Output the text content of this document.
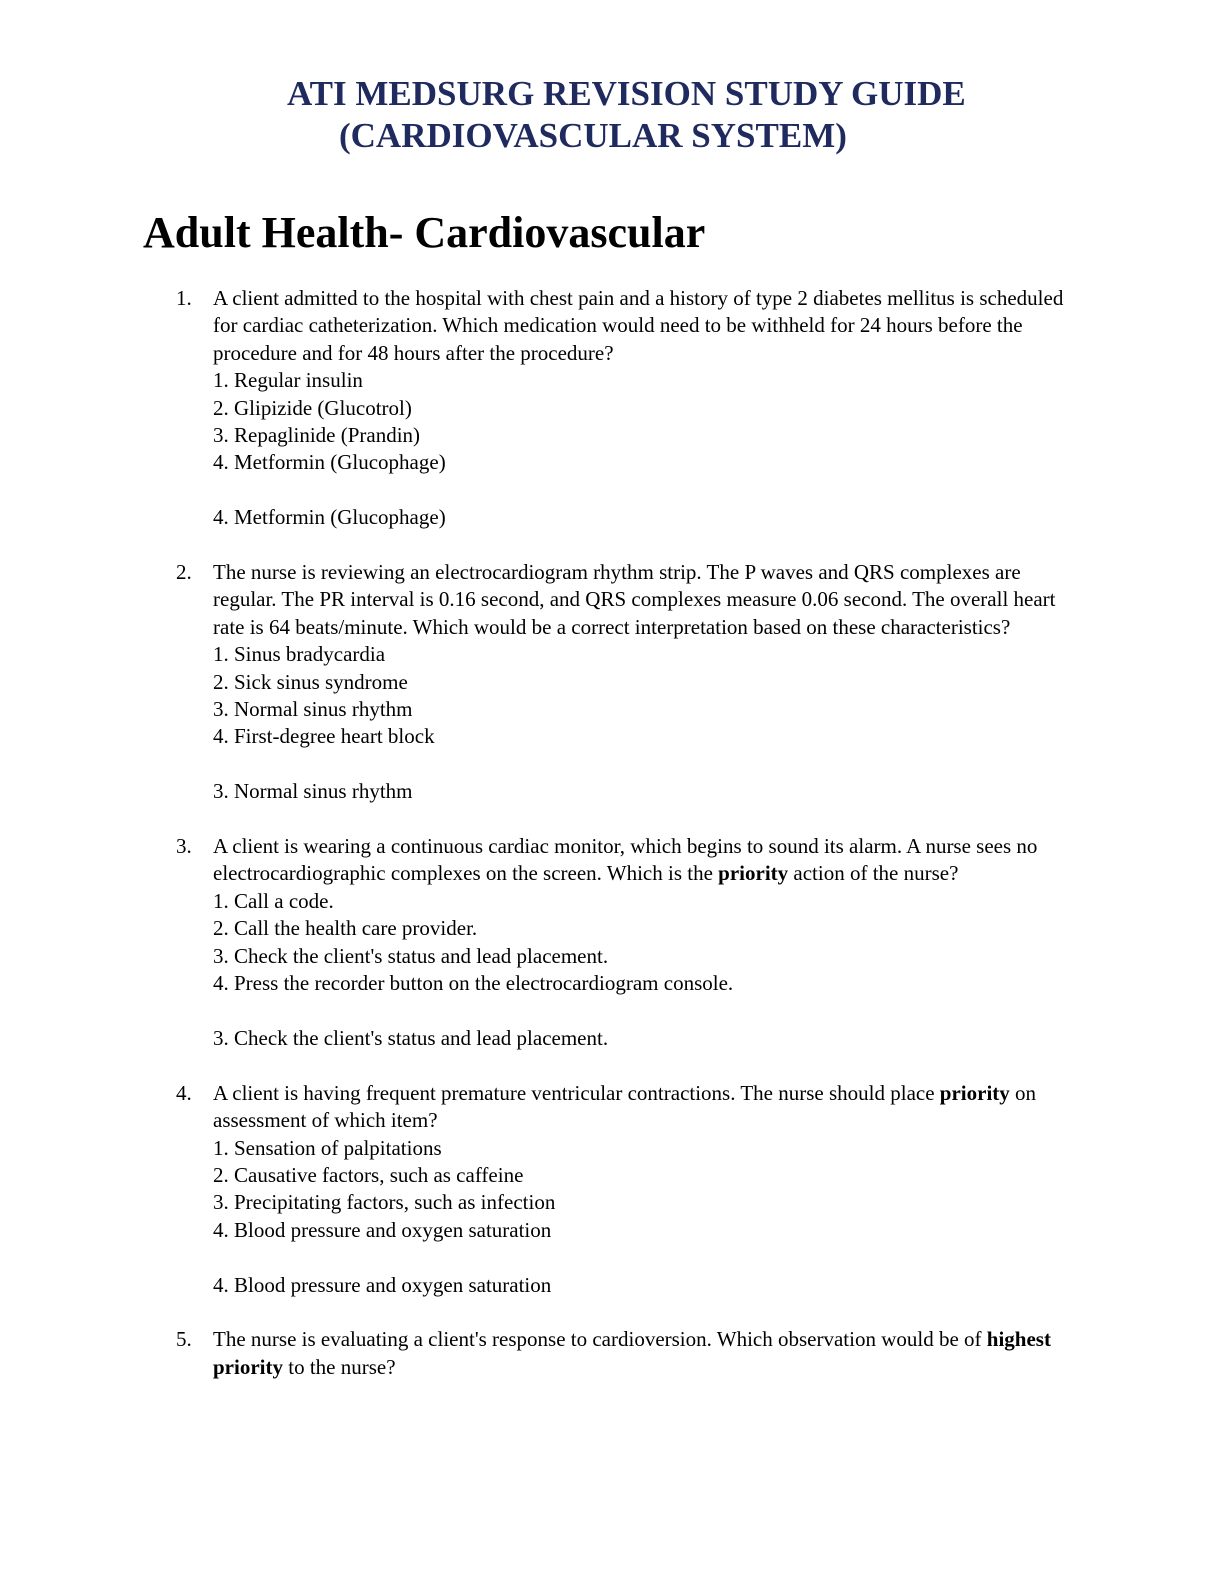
ATI MEDSURG REVISION STUDY GUIDE
(CARDIOVASCULAR SYSTEM)
Adult Health- Cardiovascular
1. A client admitted to the hospital with chest pain and a history of type 2 diabetes mellitus is scheduled for cardiac catheterization. Which medication would need to be withheld for 24 hours before the procedure and for 48 hours after the procedure?
1. Regular insulin
2. Glipizide (Glucotrol)
3. Repaglinide (Prandin)
4. Metformin (Glucophage)
4. Metformin (Glucophage)
2. The nurse is reviewing an electrocardiogram rhythm strip. The P waves and QRS complexes are regular. The PR interval is 0.16 second, and QRS complexes measure 0.06 second. The overall heart rate is 64 beats/minute. Which would be a correct interpretation based on these characteristics?
1. Sinus bradycardia
2. Sick sinus syndrome
3. Normal sinus rhythm
4. First-degree heart block
3. Normal sinus rhythm
3. A client is wearing a continuous cardiac monitor, which begins to sound its alarm. A nurse sees no electrocardiographic complexes on the screen. Which is the priority action of the nurse?
1. Call a code.
2. Call the health care provider.
3. Check the client's status and lead placement.
4. Press the recorder button on the electrocardiogram console.
3. Check the client's status and lead placement.
4. A client is having frequent premature ventricular contractions. The nurse should place priority on assessment of which item?
1. Sensation of palpitations
2. Causative factors, such as caffeine
3. Precipitating factors, such as infection
4. Blood pressure and oxygen saturation
4. Blood pressure and oxygen saturation
5. The nurse is evaluating a client's response to cardioversion. Which observation would be of highest priority to the nurse?
